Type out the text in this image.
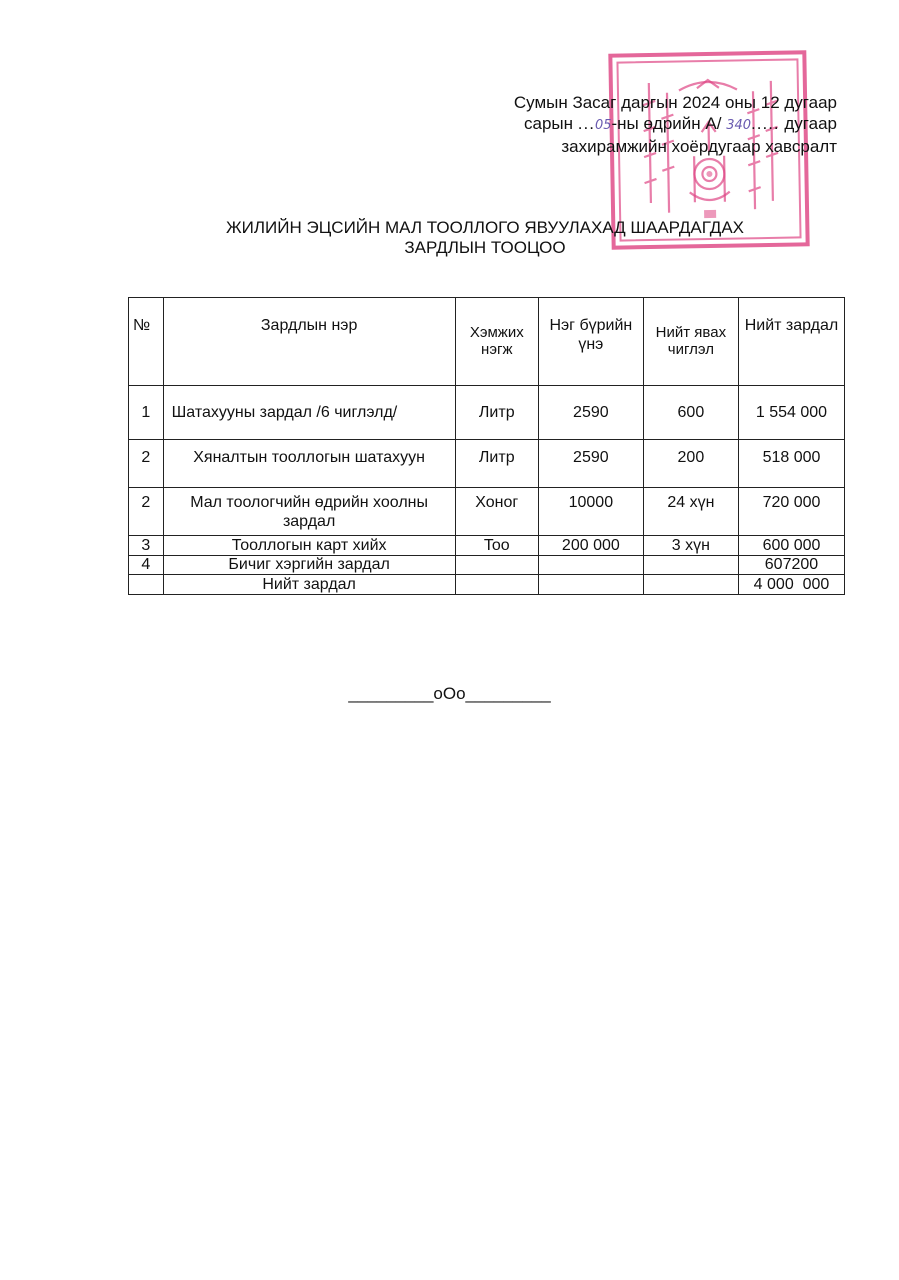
Сумын Засаг даргын 2024 оны 12 дугаар
сарын ...05-ны өдрийн А/ 340..... дугаар
захирамжийн хоёрдугаар хавсралт
ЖИЛИЙН ЭЦСИЙН МАЛ ТООЛЛОГО ЯВУУЛАХАД ШААРДАГДАХ
ЗАРДЛЫН ТООЦОО
№	Зардлын нэр	Хэмжих нэгж	Нэг бүрийн үнэ	Нийт явах чиглэл	Нийт зардал
1	Шатахууны зардал /6 чиглэлд/	Литр	2590	600	1 554 000
2	Хяналтын тооллогын шатахуун	Литр	2590	200	518 000
2	Мал тоологчийн өдрийн хоолны зардал	Хоног	10000	24 хүн	720 000
3	Тооллогын карт хийх	Too	200 000	3 хүн	600 000
4	Бичиг хэргийн зардал				607200
	Нийт зардал				4 000  000
_________оОо_________
